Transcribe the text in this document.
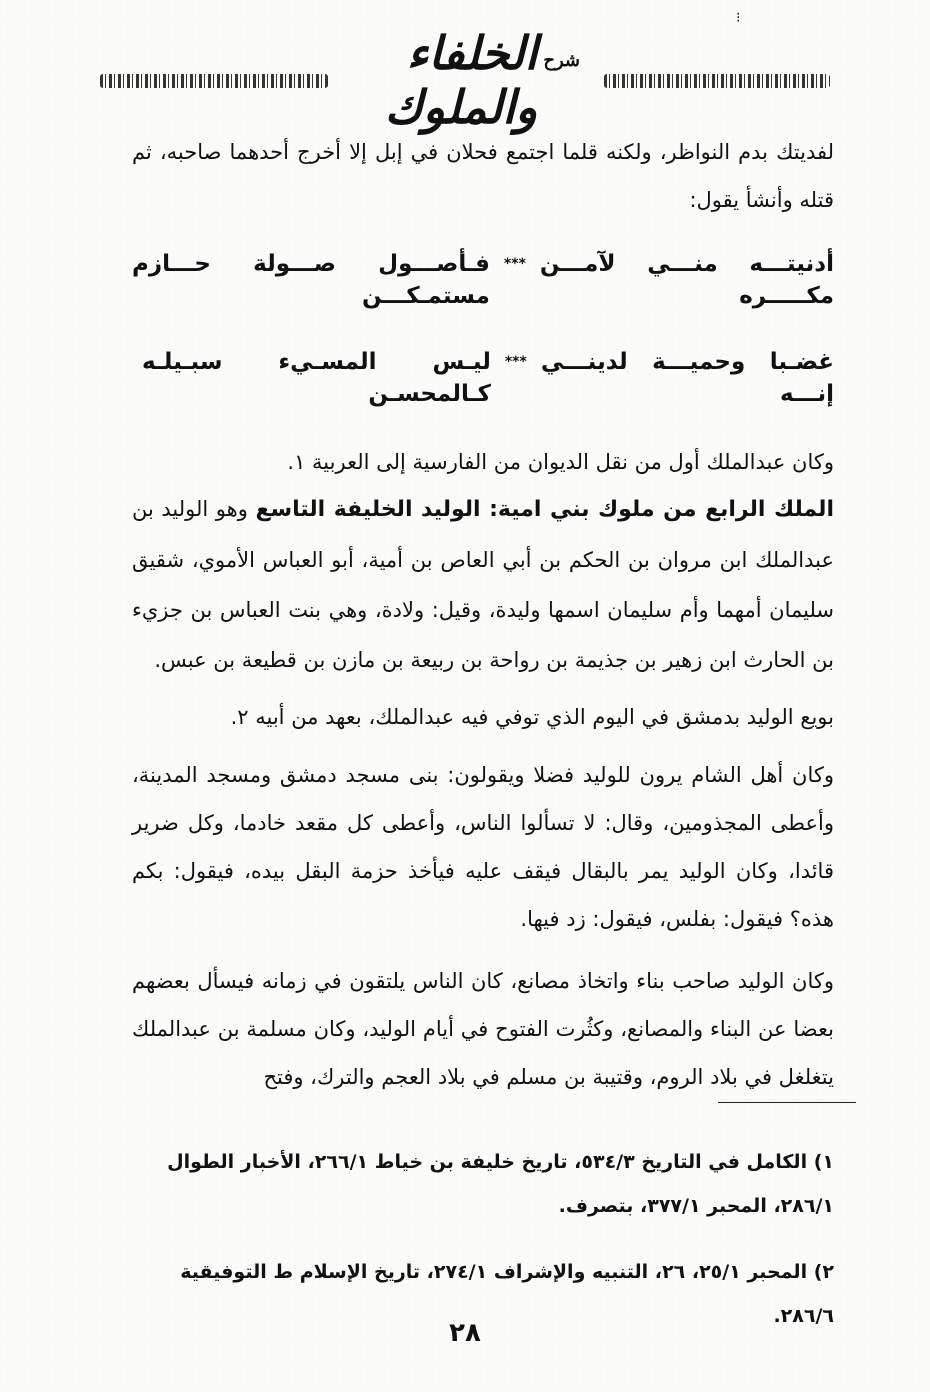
⁝
شرح
الخلفاء والملوك

لفديتك بدم النواظر، ولكنه قلما اجتمع فحلان في إبل إلا أخرج أحدهما صاحبه، ثم قتله وأنشأ يقول:

أدنيتـــه منـــي لآمـــن مكـــــره
***
فـأصـــول صـــولة حـــازم مستمـكـــن
غضـبا وحميـــة لدينـــي إنـــه
***
ليـس المسـيء سبـيلـه كـالمحسـن

وكان عبدالملك أول من نقل الديوان من الفارسية إلى العربية ١.

الملك الرابع من ملوك بني امية: الوليد الخليفة التاسع وهو الوليد بن عبدالملك ابن مروان بن الحكم بن أبي العاص بن أمية، أبو العباس الأموي، شقيق سليمان أمهما وأم سليمان اسمها وليدة، وقيل: ولادة، وهي بنت العباس بن جزيء بن الحارث ابن زهير بن جذيمة بن رواحة بن ربيعة بن مازن بن قطيعة بن عبس.

بويع الوليد بدمشق في اليوم الذي توفي فيه عبدالملك، بعهد من أبيه ٢.

وكان أهل الشام يرون للوليد فضلا ويقولون: بنى مسجد دمشق ومسجد المدينة، وأعطى المجذومين، وقال: لا تسألوا الناس، وأعطى كل مقعد خادما، وكل ضرير قائدا، وكان الوليد يمر بالبقال فيقف عليه فيأخذ حزمة البقل بيده، فيقول: بكم هذه؟ فيقول: بفلس، فيقول: زد فيها.

وكان الوليد صاحب بناء واتخاذ مصانع، كان الناس يلتقون في زمانه فيسأل بعضهم بعضا عن البناء والمصانع، وكثُرت الفتوح في أيام الوليد، وكان مسلمة بن عبدالملك يتغلغل في بلاد الروم، وقتيبة بن مسلم في بلاد العجم والترك، وفتح

١) الكامل في التاريخ ٥٣٤/٣، تاريخ خليفة بن خياط ٢٦٦/١، الأخبار الطوال ٢٨٦/١، المحبر ٣٧٧/١، بتصرف.
٢) المحبر ٢٥/١، ٢٦، التنبيه والإشراف ٢٧٤/١، تاريخ الإسلام ط التوفيقية ٢٨٦/٦.
٢٨
